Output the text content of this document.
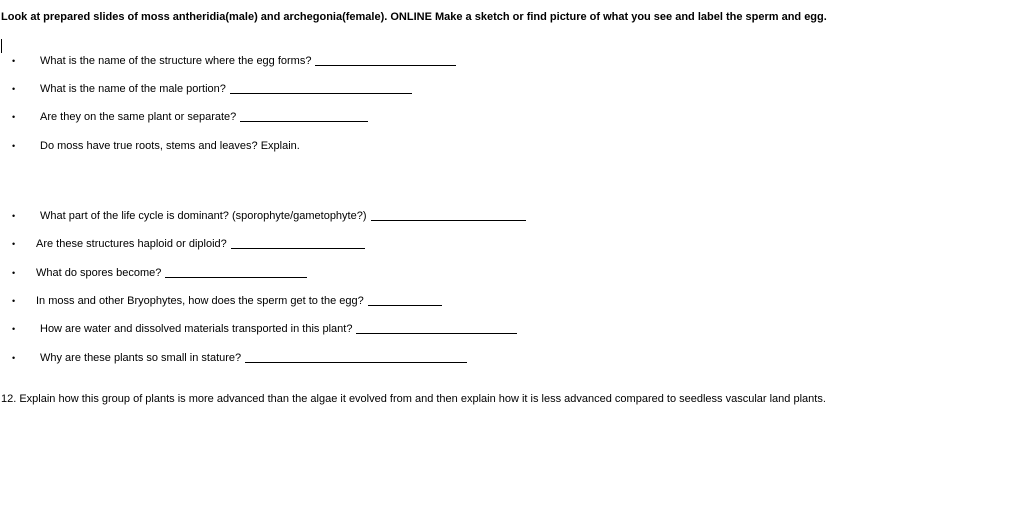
Look at prepared slides of moss antheridia(male) and archegonia(female). ONLINE Make a sketch or find picture of what you see and label the sperm and egg.
• What is the name of the structure where the egg forms?
• What is the name of the male portion?
• Are they on the same plant or separate?
• Do moss have true roots, stems and leaves? Explain.
• What part of the life cycle is dominant? (sporophyte/gametophyte?)
• Are these structures haploid or diploid?
• What do spores become?
• In moss and other Bryophytes, how does the sperm get to the egg?
• How are water and dissolved materials transported in this plant?
• Why are these plants so small in stature?
12. Explain how this group of plants is more advanced than the algae it evolved from and then explain how it is less advanced compared to seedless vascular land plants.
